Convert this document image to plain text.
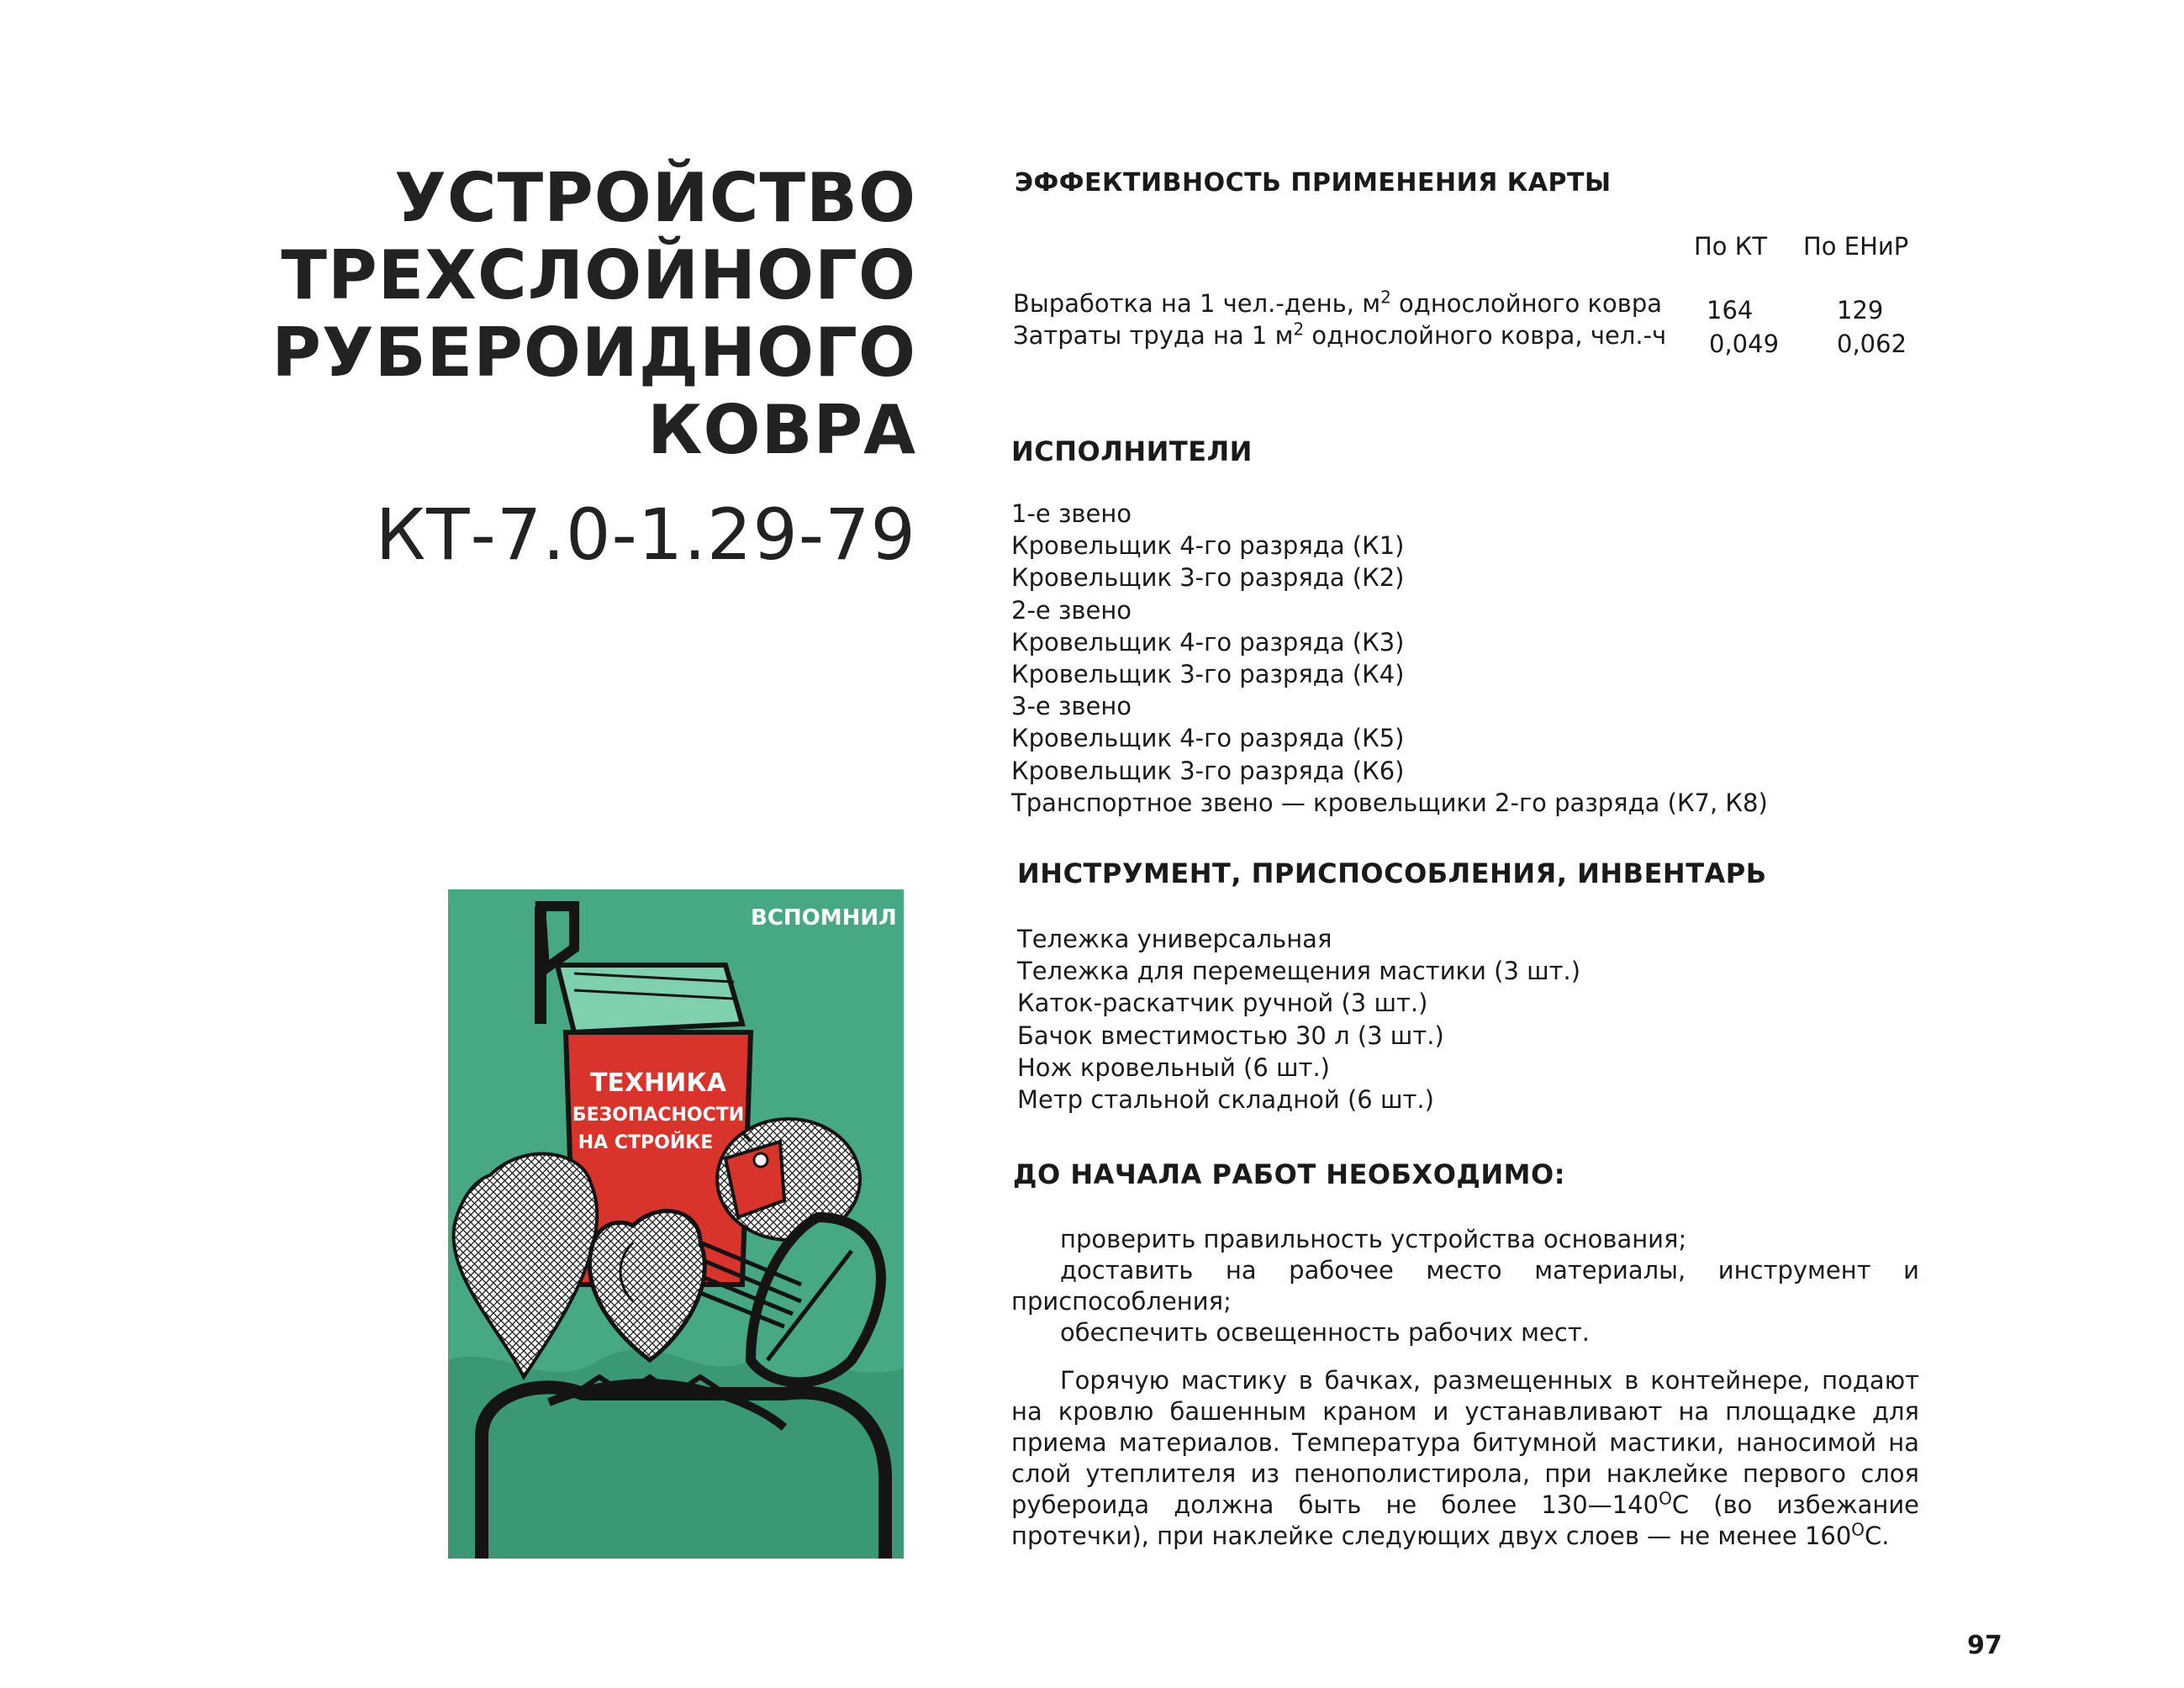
УСТРОЙСТВО
ТРЕХСЛОЙНОГО
РУБЕРОИДНОГО КОВРА
КТ-7.0-1.29-79
ВСПОМНИЛ
ТЕХНИКА
БЕЗОПАСНОСТИ
НА СТРОЙКЕ
ЭФФЕКТИВНОСТЬ ПРИМЕНЕНИЯ КАРТЫ
По КТ По ЕНиР
Выработка на 1 чел.-день, $м^2$ однослойного ковра 164	129
Затраты труда на 1 $м^2$ однослойного ковра, чел.-ч 0,049 0,062
ИСПОЛНИТЕЛИ
1-е звено
Кровельщик 4-го разряда (К1)
Кровельщик 3-го разряда (К2)
2-е звено
Кровельщик 4-го разряда (К3)
Кровельщик 3-го разряда (К4)
3-е звено
Кровельщик 4-го разряда (К5)
Кровельщик 3-го разряда (К6)
Транспортное звено — кровельщики 2-го разряда (К7, К8)
ИНСТРУМЕНТ, ПРИСПОСОБЛЕНИЯ, ИНВЕНТАРЬ
Тележка универсальная
Тележка для перемещения мастики (3 шт.)
Каток-раскатчик ручной (3 шт.)
Бачок вместимостью 30 л (3 шт.)
Нож кровельный (6 шт.)
Метр стальной складной (6 шт.)
ДО НАЧАЛА РАБОТ НЕОБХОДИМО:
проверить правильность устройства основания;
доставить на рабочее место материалы, инструмент и приспособления;
обеспечить освещенность рабочих мест.
Горячую мастику в бачках, размещенных в контейнере, подают на кровлю башенным краном и устанавливают на площадке для приема материалов. Температура битумной мастики, наносимой на слой утеплителя из пенополистирола, при наклейке первого слоя рубероида должна быть не более $130—140^ОС$ (во избежание протечки), при наклейке следующих двух слоев — не менее $160^ОС$.
97
